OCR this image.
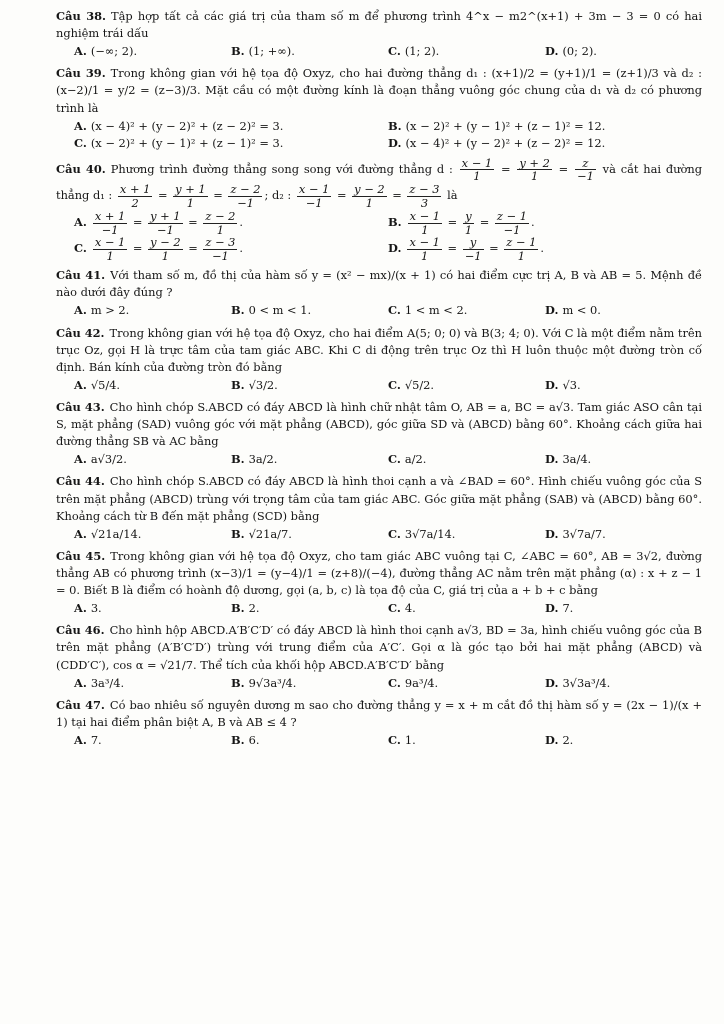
Câu 38. Tập hợp tất cả các giá trị của tham số m để phương trình 4^x − m2^(x+1) + 3m − 3 = 0 có hai nghiệm trái dấu
A. (−∞; 2).	B. (1; +∞).	C. (1; 2).	D. (0; 2).
Câu 39. Trong không gian với hệ tọa độ Oxyz, cho hai đường thẳng d₁ : (x+1)/2 = (y+1)/1 = (z+1)/3 và d₂ : (x−2)/1 = y/2 = (z−3)/3. Mặt cầu có một đường kính là đoạn thẳng vuông góc chung của d₁ và d₂ có phương trình là
A. (x − 4)² + (y − 2)² + (z − 2)² = 3.	B. (x − 2)² + (y − 1)² + (z − 1)² = 12.
C. (x − 2)² + (y − 1)² + (z − 1)² = 3.	D. (x − 4)² + (y − 2)² + (z − 2)² = 12.
Câu 40. Phương trình đường thẳng song song với đường thẳng d : $\frac{x - 1}{1} = \frac{y + 2}{1} = \frac{z}{-1}$ và cắt hai đường thẳng d₁ : $\frac{x + 1}{2} = \frac{y + 1}{1} = \frac{z - 2}{-1}$ ; d₂ : $\frac{x - 1}{-1} = \frac{y - 2}{1} = \frac{z - 3}{3}$ là
A. $\frac{x + 1}{-1} = \frac{y + 1}{-1} = \frac{z - 2}{1}$ .	B. $\frac{x - 1}{1} = \frac{y}{1} = \frac{z - 1}{-1}$ .
C. $\frac{x - 1}{1} = \frac{y - 2}{1} = \frac{z - 3}{-1}$ .	D. $\frac{x - 1}{1} = \frac{y}{-1} = \frac{z - 1}{1}$ .
Câu 41. Với tham số m, đồ thị của hàm số y = (x² − mx)/(x + 1) có hai điểm cực trị A, B và AB = 5. Mệnh đề nào dưới đây đúng ?
A. m > 2.	B. 0 < m < 1.	C. 1 < m < 2.	D. m < 0.
Câu 42. Trong không gian với hệ tọa độ Oxyz, cho hai điểm A(5; 0; 0) và B(3; 4; 0). Với C là một điểm nằm trên trục Oz, gọi H là trực tâm của tam giác ABC. Khi C di động trên trục Oz thì H luôn thuộc một đường tròn cố định. Bán kính của đường tròn đó bằng
A. √5/4.	B. √3/2.	C. √5/2.	D. √3.
Câu 43. Cho hình chóp S.ABCD có đáy ABCD là hình chữ nhật tâm O, AB = a, BC = a√3. Tam giác ASO cân tại S, mặt phẳng (SAD) vuông góc với mặt phẳng (ABCD), góc giữa SD và (ABCD) bằng 60°. Khoảng cách giữa hai đường thẳng SB và AC bằng
A. a√3/2.	B. 3a/2.	C. a/2.	D. 3a/4.
Câu 44. Cho hình chóp S.ABCD có đáy ABCD là hình thoi cạnh a và ∠BAD = 60°. Hình chiếu vuông góc của S trên mặt phẳng (ABCD) trùng với trọng tâm của tam giác ABC. Góc giữa mặt phẳng (SAB) và (ABCD) bằng 60°. Khoảng cách từ B đến mặt phẳng (SCD) bằng
A. √21a/14.	B. √21a/7.	C. 3√7a/14.	D. 3√7a/7.
Câu 45. Trong không gian với hệ tọa độ Oxyz, cho tam giác ABC vuông tại C, ∠ABC = 60°, AB = 3√2, đường thẳng AB có phương trình (x−3)/1 = (y−4)/1 = (z+8)/(−4), đường thẳng AC nằm trên mặt phẳng (α) : x + z − 1 = 0. Biết B là điểm có hoành độ dương, gọi (a, b, c) là tọa độ của C, giá trị của a + b + c bằng
A. 3.	B. 2.	C. 4.	D. 7.
Câu 46. Cho hình hộp ABCD.A′B′C′D′ có đáy ABCD là hình thoi cạnh a√3, BD = 3a, hình chiếu vuông góc của B trên mặt phẳng (A′B′C′D′) trùng với trung điểm của A′C′. Gọi α là góc tạo bởi hai mặt phẳng (ABCD) và (CDD′C′), cos α = √21/7. Thể tích của khối hộp ABCD.A′B′C′D′ bằng
A. 3a³/4.	B. 9√3a³/4.	C. 9a³/4.	D. 3√3a³/4.
Câu 47. Có bao nhiêu số nguyên dương m sao cho đường thẳng y = x + m cắt đồ thị hàm số y = (2x − 1)/(x + 1) tại hai điểm phân biệt A, B và AB ≤ 4 ?
A. 7.	B. 6.	C. 1.	D. 2.
